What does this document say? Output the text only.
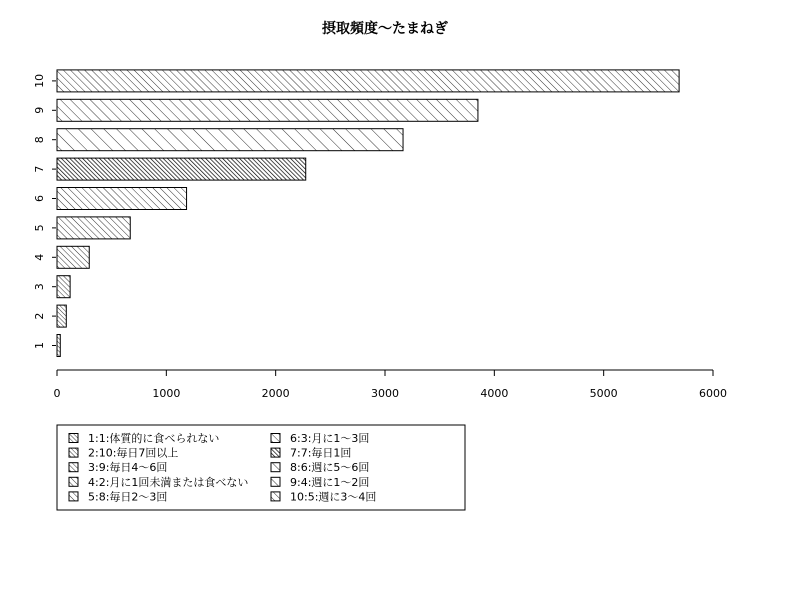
摂取頻度〜たまねぎ
1
2
3
4
5
6
7
8
9
10
0	1000	2000	3000	4000	5000	6000
1:1:体質的に食べられない
2:10:毎日7回以上
3:9:毎日4〜6回
4:2:月に1回未満または食べない
5:8:毎日2〜3回
6:3:月に1〜3回
7:7:毎日1回
8:6:週に5〜6回
9:4:週に1〜2回
10:5:週に3〜4回
